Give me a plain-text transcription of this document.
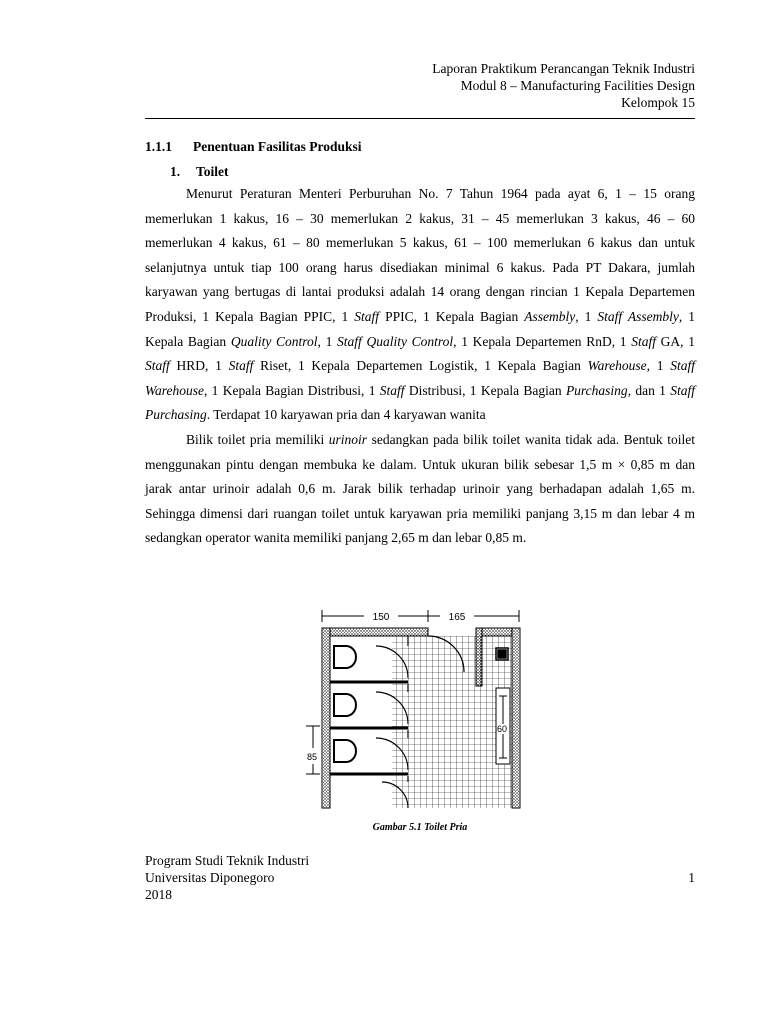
Laporan Praktikum Perancangan Teknik Industri
Modul 8 – Manufacturing Facilities Design
Kelompok 15
1.1.1 Penentuan Fasilitas Produksi
1. Toilet

Menurut Peraturan Menteri Perburuhan No. 7 Tahun 1964 pada ayat 6, 1 – 15 orang memerlukan 1 kakus, 16 – 30 memerlukan 2 kakus, 31 – 45 memerlukan 3 kakus, 46 – 60 memerlukan 4 kakus, 61 – 80 memerlukan 5 kakus, 61 – 100 memerlukan 6 kakus dan untuk selanjutnya untuk tiap 100 orang harus disediakan minimal 6 kakus. Pada PT Dakara, jumlah karyawan yang bertugas di lantai produksi adalah 14 orang dengan rincian 1 Kepala Departemen Produksi, 1 Kepala Bagian PPIC, 1 Staff PPIC, 1 Kepala Bagian Assembly, 1 Staff Assembly, 1 Kepala Bagian Quality Control, 1 Staff Quality Control, 1 Kepala Departemen RnD, 1 Staff GA, 1 Staff HRD, 1 Staff Riset, 1 Kepala Departemen Logistik, 1 Kepala Bagian Warehouse, 1 Staff Warehouse, 1 Kepala Bagian Distribusi, 1 Staff Distribusi, 1 Kepala Bagian Purchasing, dan 1 Staff Purchasing. Terdapat 10 karyawan pria dan 4 karyawan wanita

Bilik toilet pria memiliki urinoir sedangkan pada bilik toilet wanita tidak ada. Bentuk toilet menggunakan pintu dengan membuka ke dalam. Untuk ukuran bilik sebesar 1,5 m × 0,85 m dan jarak antar urinoir adalah 0,6 m. Jarak bilik terhadap urinoir yang berhadapan adalah 1,65 m. Sehingga dimensi dari ruangan toilet untuk karyawan pria memiliki panjang 3,15 m dan lebar 4 m sedangkan operator wanita memiliki panjang 2,65 m dan lebar 0,85 m.

150	165
85
60
Gambar 5.1 Toilet Pria
Program Studi Teknik Industri
Universitas Diponegoro
2018
1
